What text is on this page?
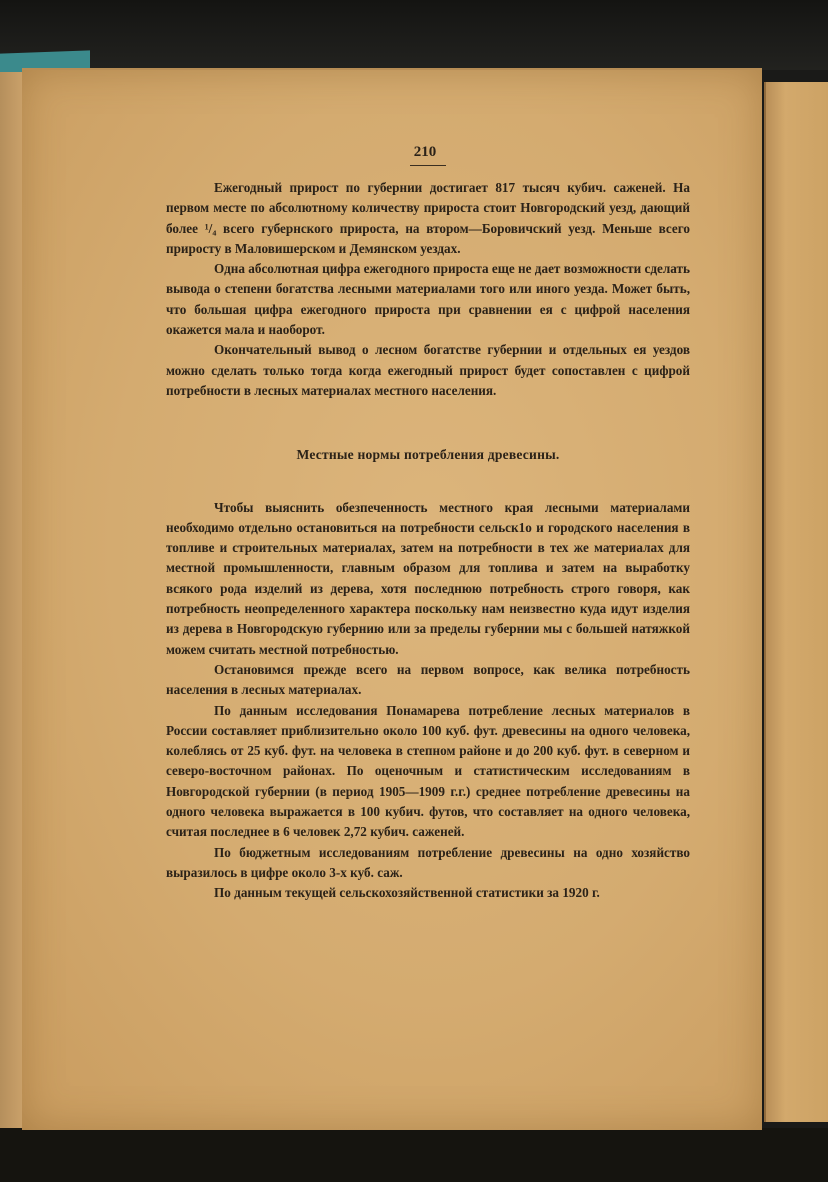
210

Ежегодный прирост по губернии достигает 817 тысяч кубич. саженей. На первом месте по абсолютному количеству прироста стоит Новгородский уезд, дающий более ¹/₄ всего губернского прироста, на втором—Боровичский уезд. Меньше всего приросту в Маловишерском и Демянском уездах.

Одна абсолютная цифра ежегодного прироста еще не дает возможности сделать вывода о степени богатства лесными материалами того или иного уезда. Может быть, что большая цифра ежегодного прироста при сравнении ея с цифрой населения окажется мала и наоборот.

Окончательный вывод о лесном богатстве губернии и отдельных ея уездов можно сделать только тогда когда ежегодный прирост будет сопоставлен с цифрой потребности в лесных материалах местного населения.

Местные нормы потребления древесины.

Чтобы выяснить обезпеченность местного края лесными материалами необходимо отдельно остановиться на потребности сельск1о и городского населения в топливе и строительных материалах, затем на потребности в тех же материалах для местной промышленности, главным образом для топлива и затем на выработку всякого рода изделий из дерева, хотя последнюю потребность строго говоря, как потребность неопределенного характера поскольку нам неизвестно куда идут изделия из дерева в Новгородскую губернию или за пределы губернии мы с большей натяжкой можем считать местной потребностью.

Остановимся прежде всего на первом вопросе, как велика потребность населения в лесных материалах.

По данным исследования Понамарева потребление лесных материалов в России составляет приблизительно около 100 куб. фут. древесины на одного человека, колеблясь от 25 куб. фут. на человека в степном районе и до 200 куб. фут. в северном и северо-восточном районах. По оценочным и статистическим исследованиям в Новгородской губернии (в период 1905—1909 г.г.) среднее потребление древесины на одного человека выражается в 100 кубич. футов, что составляет на одного человека, считая последнее в 6 человек 2,72 кубич. саженей.

По бюджетным исследованиям потребление древесины на одно хозяйство выразилось в цифре около 3-х куб. саж.

По данным текущей сельскохозяйственной статистики за 1920 г.
